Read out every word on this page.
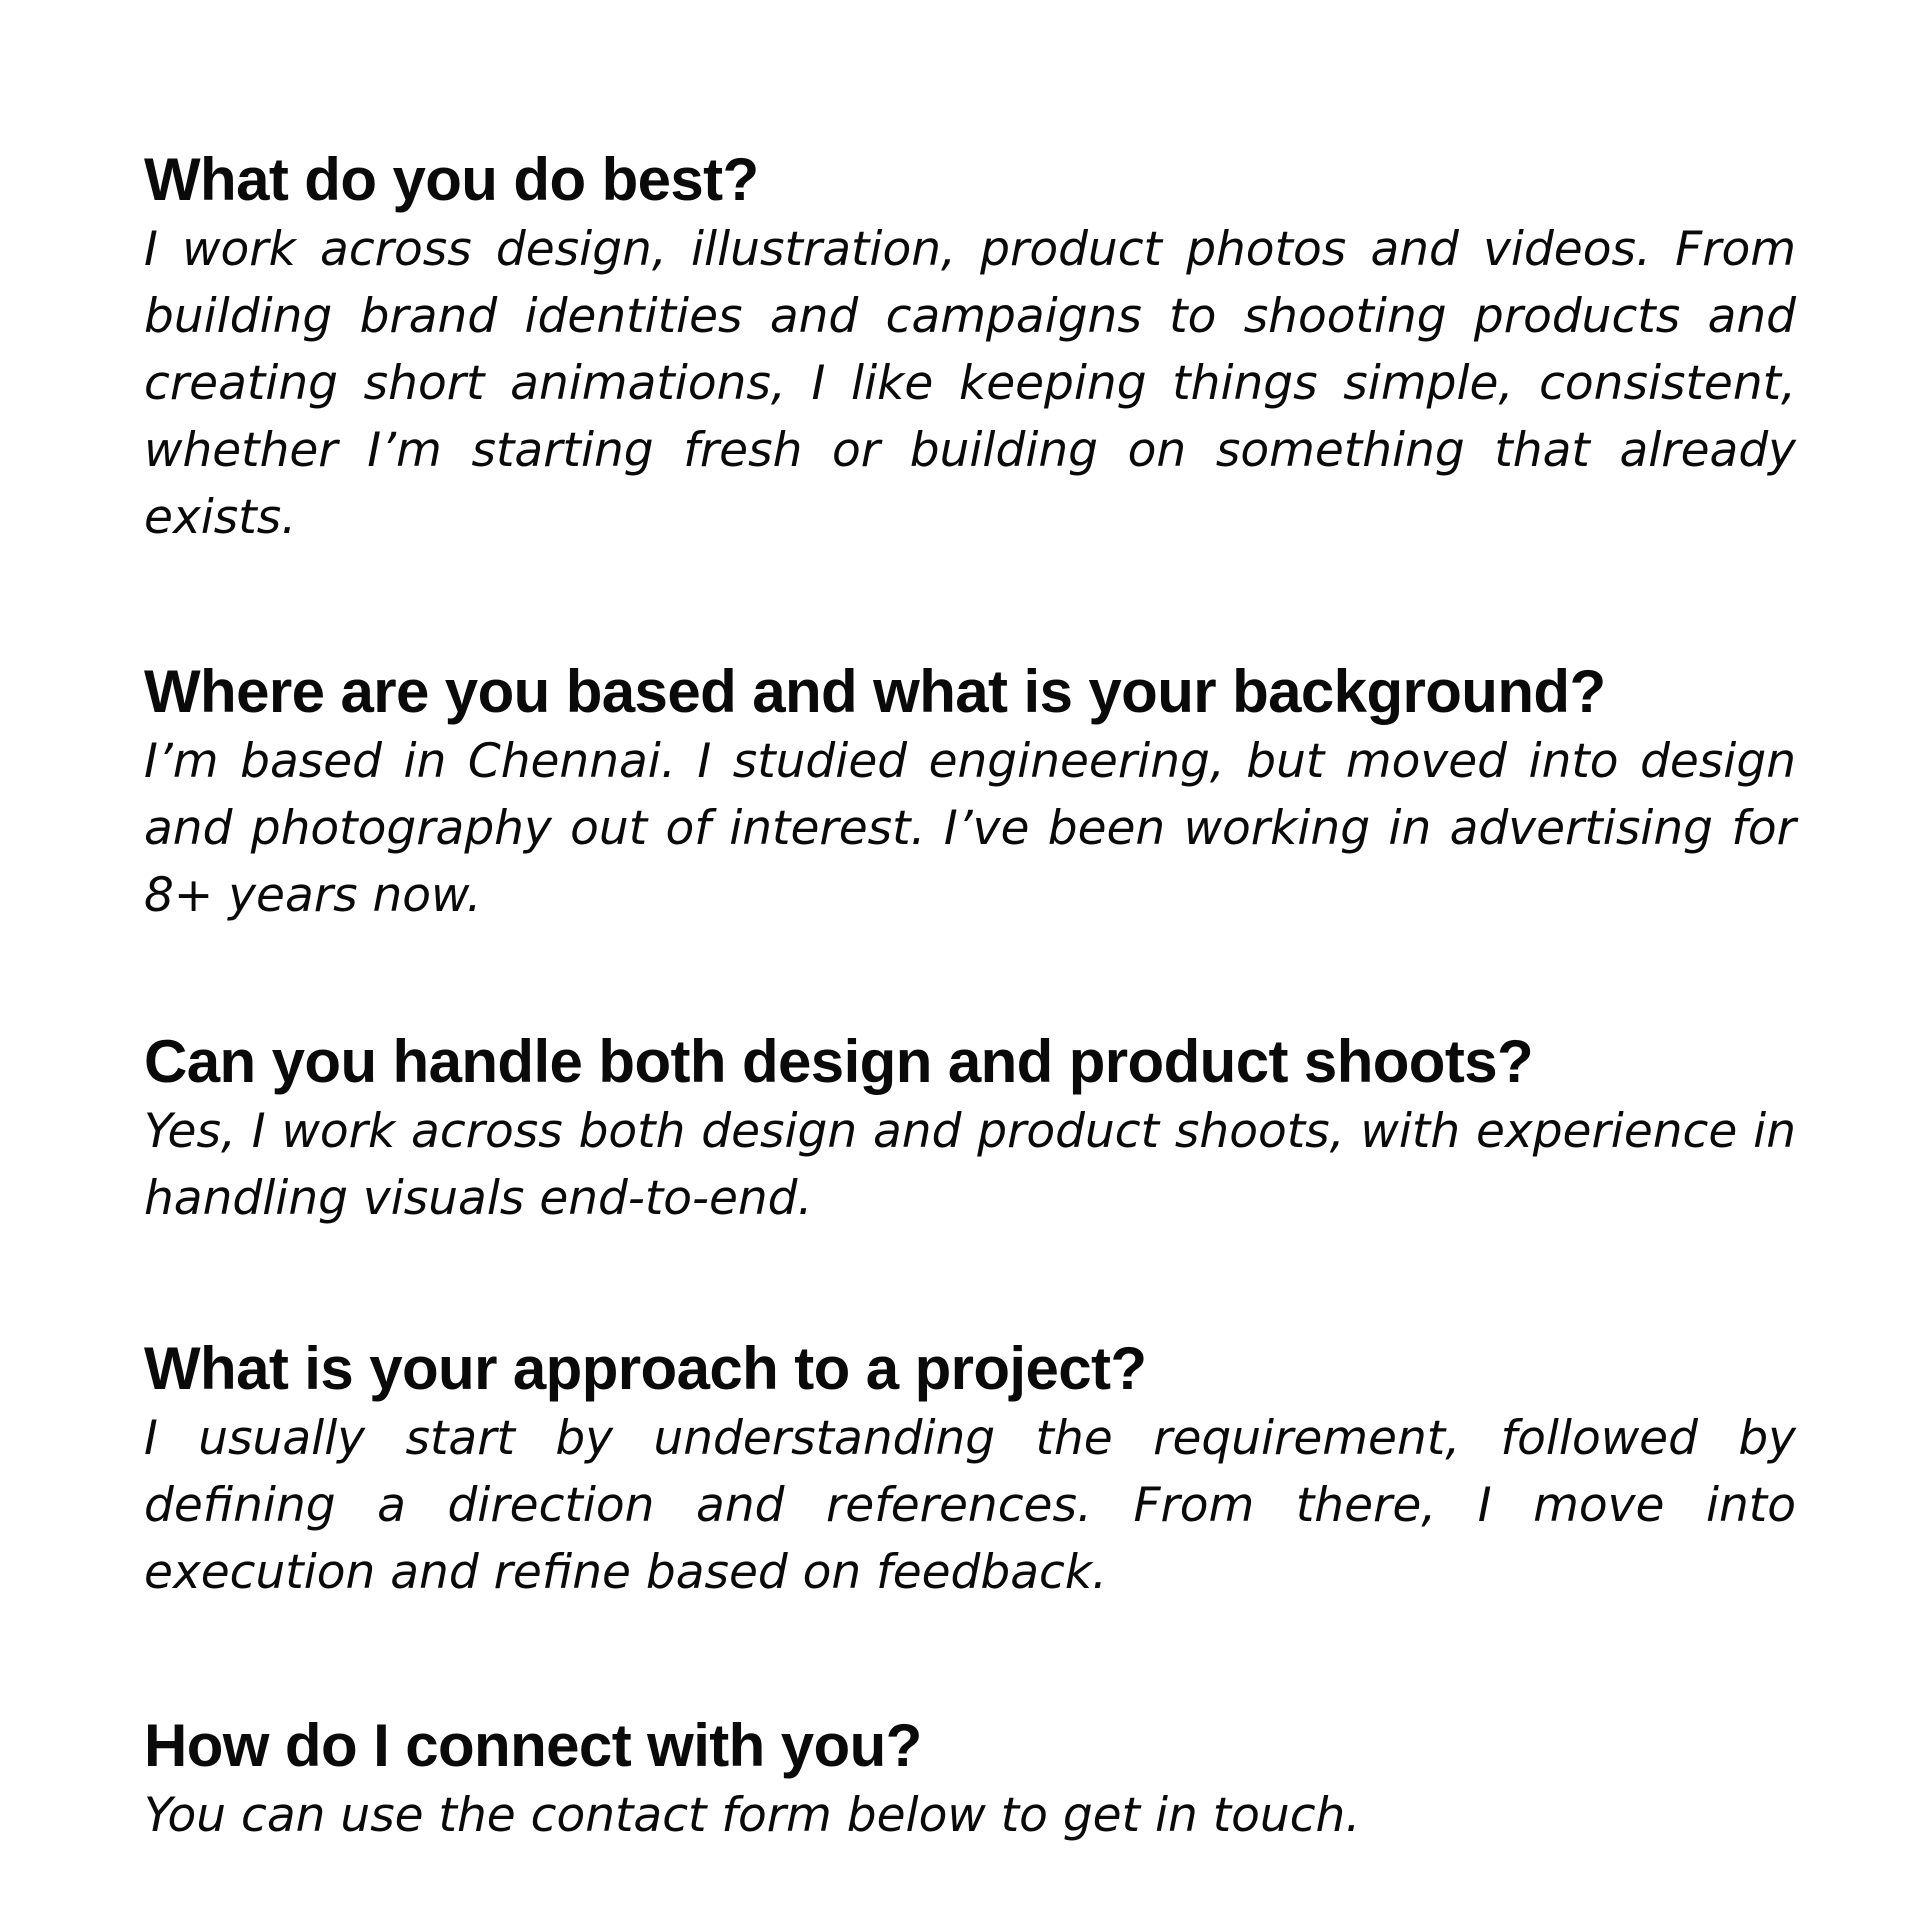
What do you do best?

I work across design, illustration, product photos and videos. From building brand identities and campaigns to shooting products and creating short animations, I like keeping things simple, consistent, whether I’m starting fresh or building on something that already exists.

Where are you based and what is your background?

I’m based in Chennai. I studied engineering, but moved into design and photography out of interest. I’ve been working in advertising for 8+ years now.

Can you handle both design and product shoots?

Yes, I work across both design and product shoots, with experience in handling visuals end-to-end.

What is your approach to a project?

I usually start by understanding the requirement, followed by defining a direction and references. From there, I move into execution and refine based on feedback.

How do I connect with you?

You can use the contact form below to get in touch.
